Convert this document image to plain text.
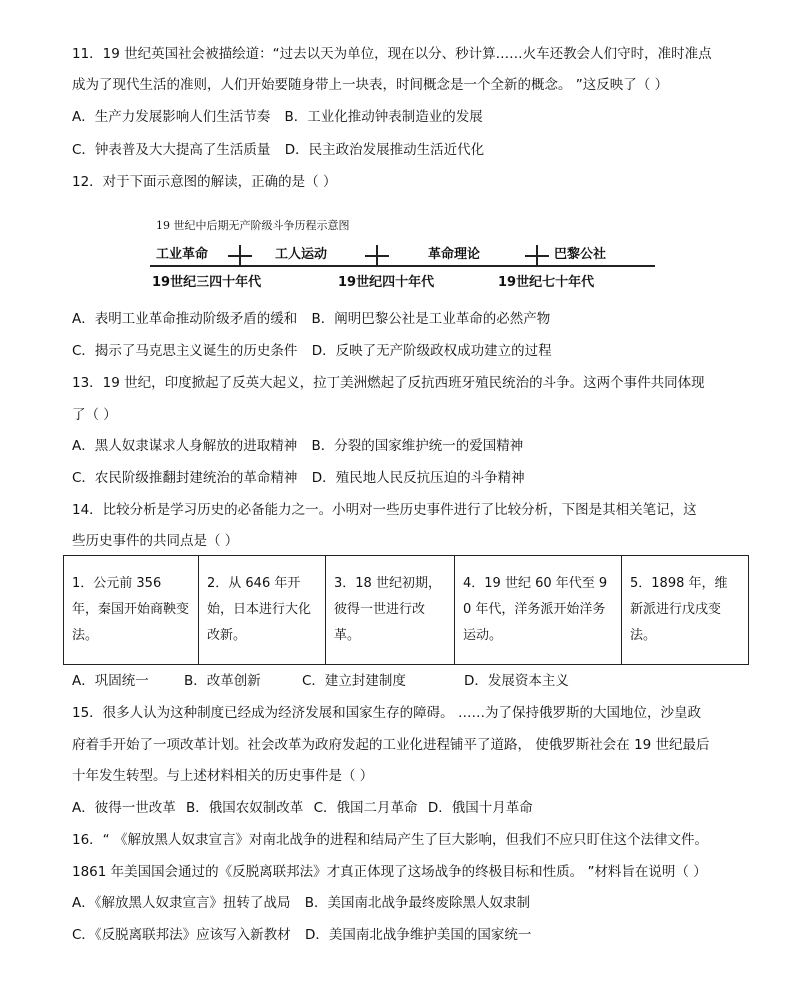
11．19 世纪英国社会被描绘道：“过去以天为单位，现在以分、秒计算……火车还教会人们守时，准时准点
成为了现代生活的准则，人们开始要随身带上一块表，时间概念是一个全新的概念。 ”这反映了（ ）
A．生产力发展影响人们生活节奏 B．工业化推动钟表制造业的发展
C．钟表普及大大提高了生活质量 D．民主政治发展推动生活近代化
12．对于下面示意图的解读，正确的是（ ）
19 世纪中后期无产阶级斗争历程示意图
工业革命	工人运动	革命理论	巴黎公社
19世纪三四十年代	19世纪四十年代	19世纪七十年代
A．表明工业革命推动阶级矛盾的缓和 B．阐明巴黎公社是工业革命的必然产物
C．揭示了马克思主义诞生的历史条件 D．反映了无产阶级政权成功建立的过程
13．19 世纪，印度掀起了反英大起义，拉丁美洲燃起了反抗西班牙殖民统治的斗争。这两个事件共同体现
了（ ）
A．黑人奴隶谋求人身解放的进取精神 B．分裂的国家维护统一的爱国精神
C．农民阶级推翻封建统治的革命精神 D．殖民地人民反抗压迫的斗争精神
14．比较分析是学习历史的必备能力之一。小明对一些历史事件进行了比较分析，下图是其相关笔记，这
些历史事件的共同点是（ ）
1．公元前 356 年，秦国开始商鞅变法。	2．从 646 年开始，日本进行大化改新。	3．18 世纪初期，彼得一世进行改革。	4．19 世纪 60 年代至 90 年代，洋务派开始洋务运动。	5．1898 年，维新派进行戊戌变法。
A．巩固统一	B．改革创新	C．建立封建制度	D．发展资本主义
15．很多人认为这种制度已经成为经济发展和国家生存的障碍。 ……为了保持俄罗斯的大国地位，沙皇政
府着手开始了一项改革计划。社会改革为政府发起的工业化进程铺平了道路， 使俄罗斯社会在 19 世纪最后
十年发生转型。与上述材料相关的历史事件是（ ）
A．彼得一世改革 B．俄国农奴制改革 C．俄国二月革命 D．俄国十月革命
16．“ 《解放黑人奴隶宣言》对南北战争的进程和结局产生了巨大影响，但我们不应只盯住这个法律文件。
1861 年美国国会通过的《反脱离联邦法》才真正体现了这场战争的终极目标和性质。 ”材料旨在说明（ ）
A．《解放黑人奴隶宣言》扭转了战局 B．美国南北战争最终废除黑人奴隶制
C．《反脱离联邦法》应该写入新教材 D．美国南北战争维护美国的国家统一
